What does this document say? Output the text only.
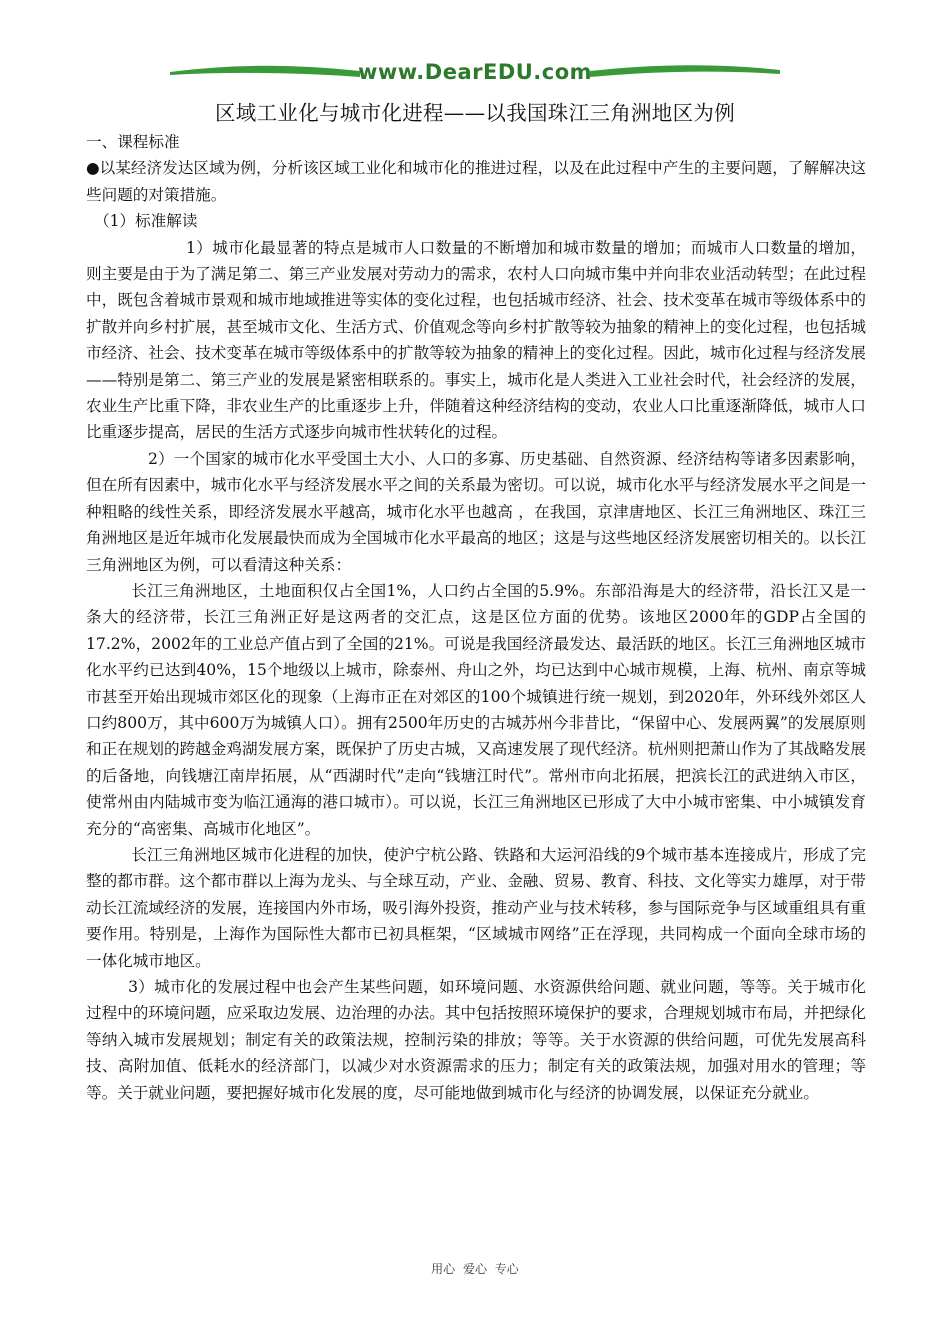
www.DearEDU.com
区域工业化与城市化进程——以我国珠江三角洲地区为例

一、课程标准

●以某经济发达区域为例，分析该区域工业化和城市化的推进过程，以及在此过程中产生的主要问题，了解解决这些问题的对策措施。

（1）标准解读

1）城市化最显著的特点是城市人口数量的不断增加和城市数量的增加；而城市人口数量的增加，则主要是由于为了满足第二、第三产业发展对劳动力的需求，农村人口向城市集中并向非农业活动转型；在此过程中，既包含着城市景观和城市地域推进等实体的变化过程，也包括城市经济、社会、技术变革在城市等级体系中的扩散并向乡村扩展，甚至城市文化、生活方式、价值观念等向乡村扩散等较为抽象的精神上的变化过程，也包括城市经济、社会、技术变革在城市等级体系中的扩散等较为抽象的精神上的变化过程。因此，城市化过程与经济发展——特别是第二、第三产业的发展是紧密相联系的。事实上，城市化是人类进入工业社会时代，社会经济的发展，农业生产比重下降，非农业生产的比重逐步上升，伴随着这种经济结构的变动，农业人口比重逐渐降低，城市人口比重逐步提高，居民的生活方式逐步向城市性状转化的过程。

2）一个国家的城市化水平受国土大小、人口的多寡、历史基础、自然资源、经济结构等诸多因素影响，但在所有因素中，城市化水平与经济发展水平之间的关系最为密切。可以说，城市化水平与经济发展水平之间是一种粗略的线性关系，即经济发展水平越高，城市化水平也越高 ，在我国，京津唐地区、长江三角洲地区、珠江三角洲地区是近年城市化发展最快而成为全国城市化水平最高的地区；这是与这些地区经济发展密切相关的。以长江三角洲地区为例，可以看清这种关系：

长江三角洲地区，土地面积仅占全国1%，人口约占全国的5.9%。东部沿海是大的经济带，沿长江又是一条大的经济带，长江三角洲正好是这两者的交汇点，这是区位方面的优势。该地区2000年的GDP占全国的17.2%，2002年的工业总产值占到了全国的21%。可说是我国经济最发达、最活跃的地区。长江三角洲地区城市化水平约已达到40%，15个地级以上城市，除泰州、舟山之外，均已达到中心城市规模，上海、杭州、南京等城市甚至开始出现城市郊区化的现象（上海市正在对郊区的100个城镇进行统一规划，到2020年，外环线外郊区人口约800万，其中600万为城镇人口）。拥有2500年历史的古城苏州今非昔比，“保留中心、发展两翼”的发展原则和正在规划的跨越金鸡湖发展方案，既保护了历史古城，又高速发展了现代经济。杭州则把萧山作为了其战略发展的后备地，向钱塘江南岸拓展，从“西湖时代”走向“钱塘江时代”。常州市向北拓展，把滨长江的武进纳入市区，使常州由内陆城市变为临江通海的港口城市）。可以说，长江三角洲地区已形成了大中小城市密集、中小城镇发育充分的“高密集、高城市化地区”。

长江三角洲地区城市化进程的加快，使沪宁杭公路、铁路和大运河沿线的9个城市基本连接成片，形成了完整的都市群。这个都市群以上海为龙头、与全球互动，产业、金融、贸易、教育、科技、文化等实力雄厚，对于带动长江流域经济的发展，连接国内外市场，吸引海外投资，推动产业与技术转移，参与国际竞争与区域重组具有重要作用。特别是，上海作为国际性大都市已初具框架，“区域城市网络”正在浮现，共同构成一个面向全球市场的一体化城市地区。

3）城市化的发展过程中也会产生某些问题，如环境问题、水资源供给问题、就业问题，等等。关于城市化过程中的环境问题，应采取边发展、边治理的办法。其中包括按照环境保护的要求，合理规划城市布局，并把绿化等纳入城市发展规划；制定有关的政策法规，控制污染的排放；等等。关于水资源的供给问题，可优先发展高科技、高附加值、低耗水的经济部门，以减少对水资源需求的压力；制定有关的政策法规，加强对用水的管理；等等。关于就业问题，要把握好城市化发展的度，尽可能地做到城市化与经济的协调发展，以保证充分就业。

用心 爱心 专心
